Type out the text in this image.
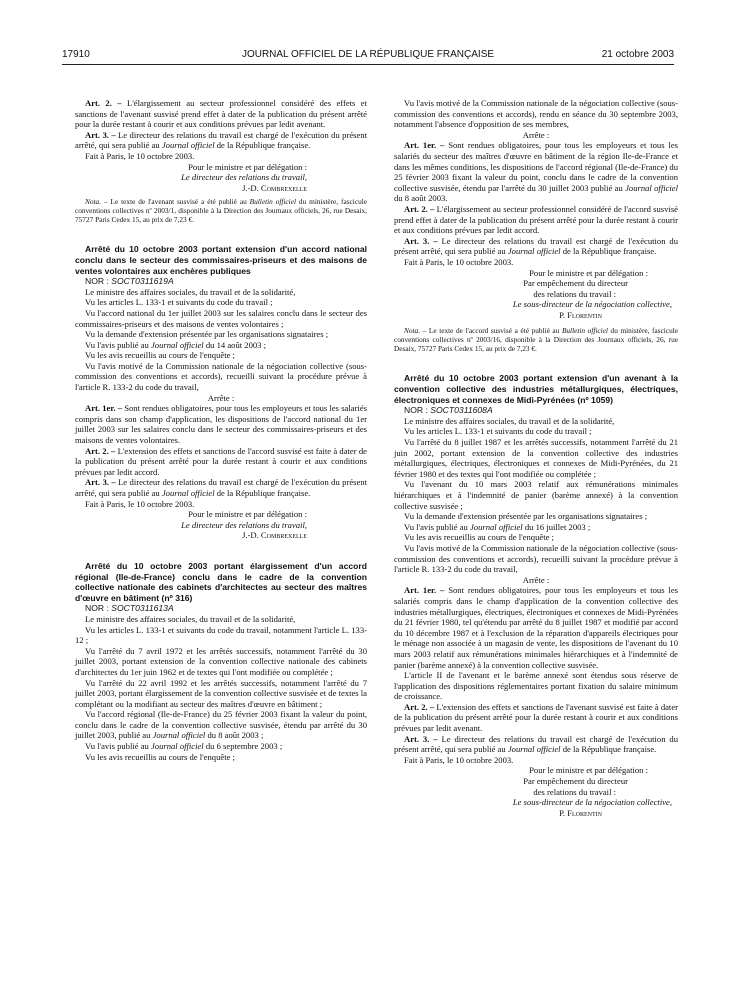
17910	JOURNAL OFFICIEL DE LA RÉPUBLIQUE FRANÇAISE	21 octobre 2003

Art. 2. – L'élargissement au secteur professionnel considéré des effets et sanctions de l'avenant susvisé prend effet à dater de la publication du présent arrêté pour la durée restant à courir et aux conditions prévues par ledit avenant.

Art. 3. – Le directeur des relations du travail est chargé de l'exécution du présent arrêté, qui sera publié au Journal officiel de la République française.

Fait à Paris, le 10 octobre 2003.

Pour le ministre et par délégation :

Le directeur des relations du travail,

J.-D. Combrexelle

Nota. – Le texte de l'avenant susvisé a été publié au Bulletin officiel du ministère, fascicule conventions collectives nº 2003/1, disponible à la Direction des Journaux officiels, 26, rue Desaix, 75727 Paris Cedex 15, au prix de 7,23 €.

Arrêté du 10 octobre 2003 portant extension d'un accord national conclu dans le secteur des commissaires-priseurs et des maisons de ventes volontaires aux enchères publiques

NOR : SOCT0311619A

Le ministre des affaires sociales, du travail et de la solidarité,

Vu les articles L. 133-1 et suivants du code du travail ;

Vu l'accord national du 1er juillet 2003 sur les salaires conclu dans le secteur des commissaires-priseurs et des maisons de ventes volontaires ;

Vu la demande d'extension présentée par les organisations signataires ;

Vu l'avis publié au Journal officiel du 14 août 2003 ;

Vu les avis recueillis au cours de l'enquête ;

Vu l'avis motivé de la Commission nationale de la négociation collective (sous-commission des conventions et accords), recueilli suivant la procédure prévue à l'article R. 133-2 du code du travail,

Arrête :

Art. 1er. – Sont rendues obligatoires, pour tous les employeurs et tous les salariés compris dans son champ d'application, les dispositions de l'accord national du 1er juillet 2003 sur les salaires conclu dans le secteur des commissaires-priseurs et des maisons de ventes volontaires.

Art. 2. – L'extension des effets et sanctions de l'accord susvisé est faite à dater de la publication du présent arrêté pour la durée restant à courir et aux conditions prévues par ledit accord.

Art. 3. – Le directeur des relations du travail est chargé de l'exécution du présent arrêté, qui sera publié au Journal officiel de la République française.

Fait à Paris, le 10 octobre 2003.

Pour le ministre et par délégation :

Le directeur des relations du travail,

J.-D. Combrexelle

Arrêté du 10 octobre 2003 portant élargissement d'un accord régional (Ile-de-France) conclu dans le cadre de la convention collective nationale des cabinets d'architectes au secteur des maîtres d'œuvre en bâtiment (nº 316)

NOR : SOCT0311613A

Le ministre des affaires sociales, du travail et de la solidarité,

Vu les articles L. 133-1 et suivants du code du travail, notamment l'article L. 133-12 ;

Vu l'arrêté du 7 avril 1972 et les arrêtés successifs, notamment l'arrêté du 30 juillet 2003, portant extension de la convention collective nationale des cabinets d'architectes du 1er juin 1962 et de textes qui l'ont modifiée ou complétée ;

Vu l'arrêté du 22 avril 1992 et les arrêtés successifs, notamment l'arrêté du 7 juillet 2003, portant élargissement de la convention collective susvisée et de textes la complétant ou la modifiant au secteur des maîtres d'œuvre en bâtiment ;

Vu l'accord régional (Ile-de-France) du 25 février 2003 fixant la valeur du point, conclu dans le cadre de la convention collective susvisée, étendu par arrêté du 30 juillet 2003, publié au Journal officiel du 8 août 2003 ;

Vu l'avis publié au Journal officiel du 6 septembre 2003 ;

Vu les avis recueillis au cours de l'enquête ;

Vu l'avis motivé de la Commission nationale de la négociation collective (sous-commission des conventions et accords), rendu en séance du 30 septembre 2003, notamment l'absence d'opposition de ses membres,

Arrête :

Art. 1er. – Sont rendues obligatoires, pour tous les employeurs et tous les salariés du secteur des maîtres d'œuvre en bâtiment de la région Ile-de-France et dans les mêmes conditions, les dispositions de l'accord régional (Ile-de-France) du 25 février 2003 fixant la valeur du point, conclu dans le cadre de la convention collective susvisée, étendu par l'arrêté du 30 juillet 2003 publié au Journal officiel du 8 août 2003.

Art. 2. – L'élargissement au secteur professionnel considéré de l'accord susvisé prend effet à dater de la publication du présent arrêté pour la durée restant à courir et aux conditions prévues par ledit accord.

Art. 3. – Le directeur des relations du travail est chargé de l'exécution du présent arrêté, qui sera publié au Journal officiel de la République française.

Fait à Paris, le 10 octobre 2003.

Pour le ministre et par délégation :

Par empêchement du directeur

des relations du travail :

Le sous-directeur de la négociation collective,

P. Florentin

Nota. – Le texte de l'accord susvisé a été publié au Bulletin officiel du ministère, fascicule conventions collectives nº 2003/16, disponible à la Direction des Journaux officiels, 26, rue Desaix, 75727 Paris Cedex 15, au prix de 7,23 €.

Arrêté du 10 octobre 2003 portant extension d'un avenant à la convention collective des industries métallurgiques, électriques, électroniques et connexes de Midi-Pyrénées (nº 1059)

NOR : SOCT0311608A

Le ministre des affaires sociales, du travail et de la solidarité,

Vu les articles L. 133-1 et suivants du code du travail ;

Vu l'arrêté du 8 juillet 1987 et les arrêtés successifs, notamment l'arrêté du 21 juin 2002, portant extension de la convention collective des industries métallurgiques, électriques, électroniques et connexes de Midi-Pyrénées, du 21 février 1980 et des textes qui l'ont modifiée ou complétée ;

Vu l'avenant du 10 mars 2003 relatif aux rémunérations minimales hiérarchiques et à l'indemnité de panier (barème annexé) à la convention collective susvisée ;

Vu la demande d'extension présentée par les organisations signataires ;

Vu l'avis publié au Journal officiel du 16 juillet 2003 ;

Vu les avis recueillis au cours de l'enquête ;

Vu l'avis motivé de la Commission nationale de la négociation collective (sous-commission des conventions et accords), recueilli suivant la procédure prévue à l'article R. 133-2 du code du travail,

Arrête :

Art. 1er. – Sont rendues obligatoires, pour tous les employeurs et tous les salariés compris dans le champ d'application de la convention collective des industries métallurgiques, électriques, électroniques et connexes de Midi-Pyrénées du 21 février 1980, tel qu'étendu par arrêté du 8 juillet 1987 et modifié par accord du 10 décembre 1987 et à l'exclusion de la réparation d'appareils électriques pour le ménage non associée à un magasin de vente, les dispositions de l'avenant du 10 mars 2003 relatif aux rémunérations minimales hiérarchiques et à l'indemnité de panier (barème annexé) à la convention collective susvisée.

L'article II de l'avenant et le barème annexé sont étendus sous réserve de l'application des dispositions réglementaires portant fixation du salaire minimum de croissance.

Art. 2. – L'extension des effets et sanctions de l'avenant susvisé est faite à dater de la publication du présent arrêté pour la durée restant à courir et aux conditions prévues par ledit avenant.

Art. 3. – Le directeur des relations du travail est chargé de l'exécution du présent arrêté, qui sera publié au Journal officiel de la République française.

Fait à Paris, le 10 octobre 2003.

Pour le ministre et par délégation :

Par empêchement du directeur

des relations du travail :

Le sous-directeur de la négociation collective,

P. Florentin
